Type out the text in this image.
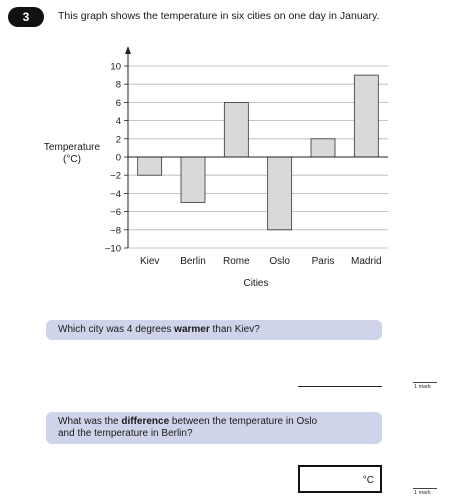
3	This graph shows the temperature in six cities on one day in January.
10
8
6
4
2
0
−2
−4
−6
−8
−10
Kiev Berlin Rome Oslo Paris Madrid
Cities
Temperature
(°C)
Which city was 4 degrees warmer than Kiev?
1 mark
What was the difference between the temperature in Oslo
and the temperature in Berlin?
°C
1 mark
